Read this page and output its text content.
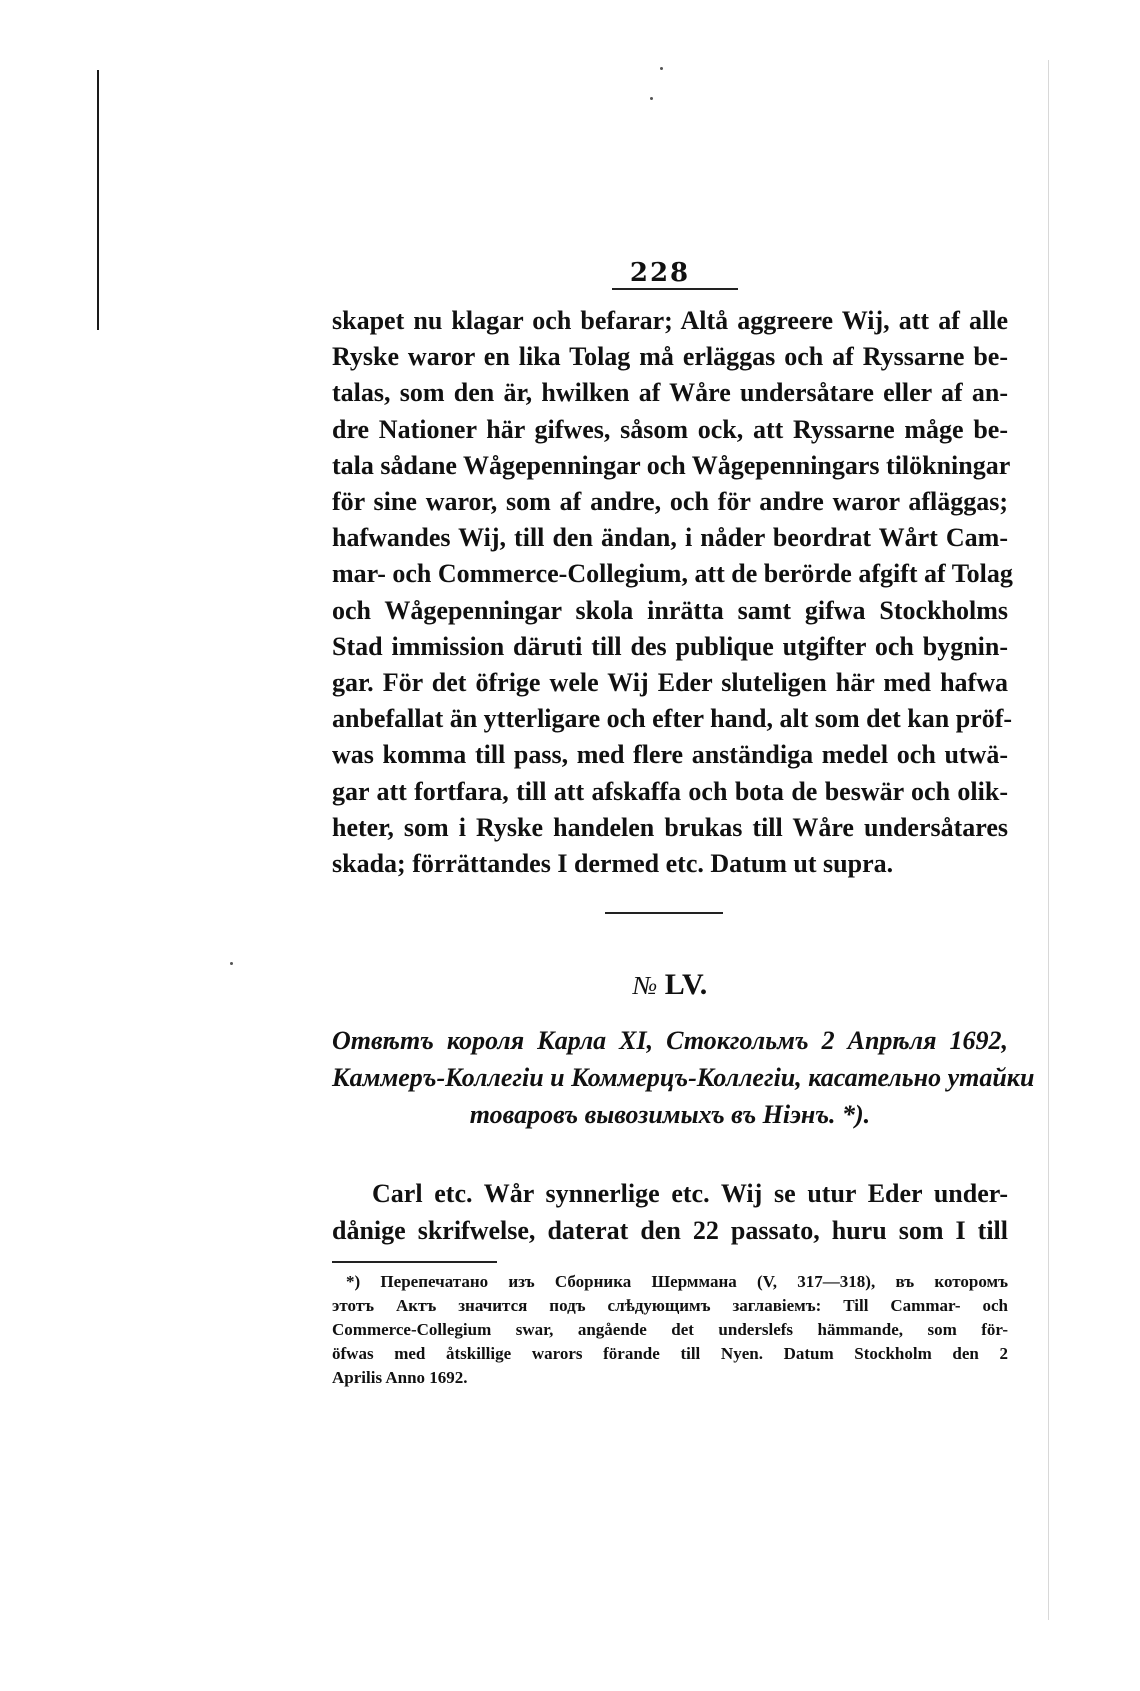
228
skapet nu klagar och befarar; Altå aggreere Wij, att af alle
Ryske waror en lika Tolag må erläggas och af Ryssarne be-
talas, som den är, hwilken af Wåre undersåtare eller af an-
dre Nationer här gifwes, såsom ock, att Ryssarne måge be-
tala sådane Wågepenningar och Wågepenningars tilökningar
för sine waror, som af andre, och för andre waror afläggas;
hafwandes Wij, till den ändan, i nåder beordrat Wårt Cam-
mar- och Commerce-Collegium, att de berörde afgift af Tolag
och Wågepenningar skola inrätta samt gifwa Stockholms
Stad immission däruti till des publique utgifter och bygnin-
gar. För det öfrige wele Wij Eder sluteligen här med hafwa
anbefallat än ytterligare och efter hand, alt som det kan pröf-
was komma till pass, med flere anständiga medel och utwä-
gar att fortfara, till att afskaffa och bota de beswär och olik-
heter, som i Ryske handelen brukas till Wåre undersåtares
skada; förrättandes I dermed etc. Datum ut supra.
№ LV.
Отвѣтъ короля Карла XI, Стокгольмъ 2 Апрѣля 1692,
Каммеръ-Коллегіи и Коммерцъ-Коллегіи, касательно утайки
товаровъ вывозимыхъ въ Ніэнъ. *).
Carl etc. Wår synnerlige etc. Wij se utur Eder under-
dånige skrifwelse, daterat den 22 passato, huru som I till
*) Перепечатано изъ Сборника Шерммана (V, 317—318), въ которомъ
этотъ Актъ значится подъ слѣдующимъ заглавіемъ: Till Cammar- och
Commerce-Collegium swar, angående det underslefs hämmande, som för-
öfwas med åtskillige warors förande till Nyen. Datum Stockholm den 2
Aprilis Anno 1692.
